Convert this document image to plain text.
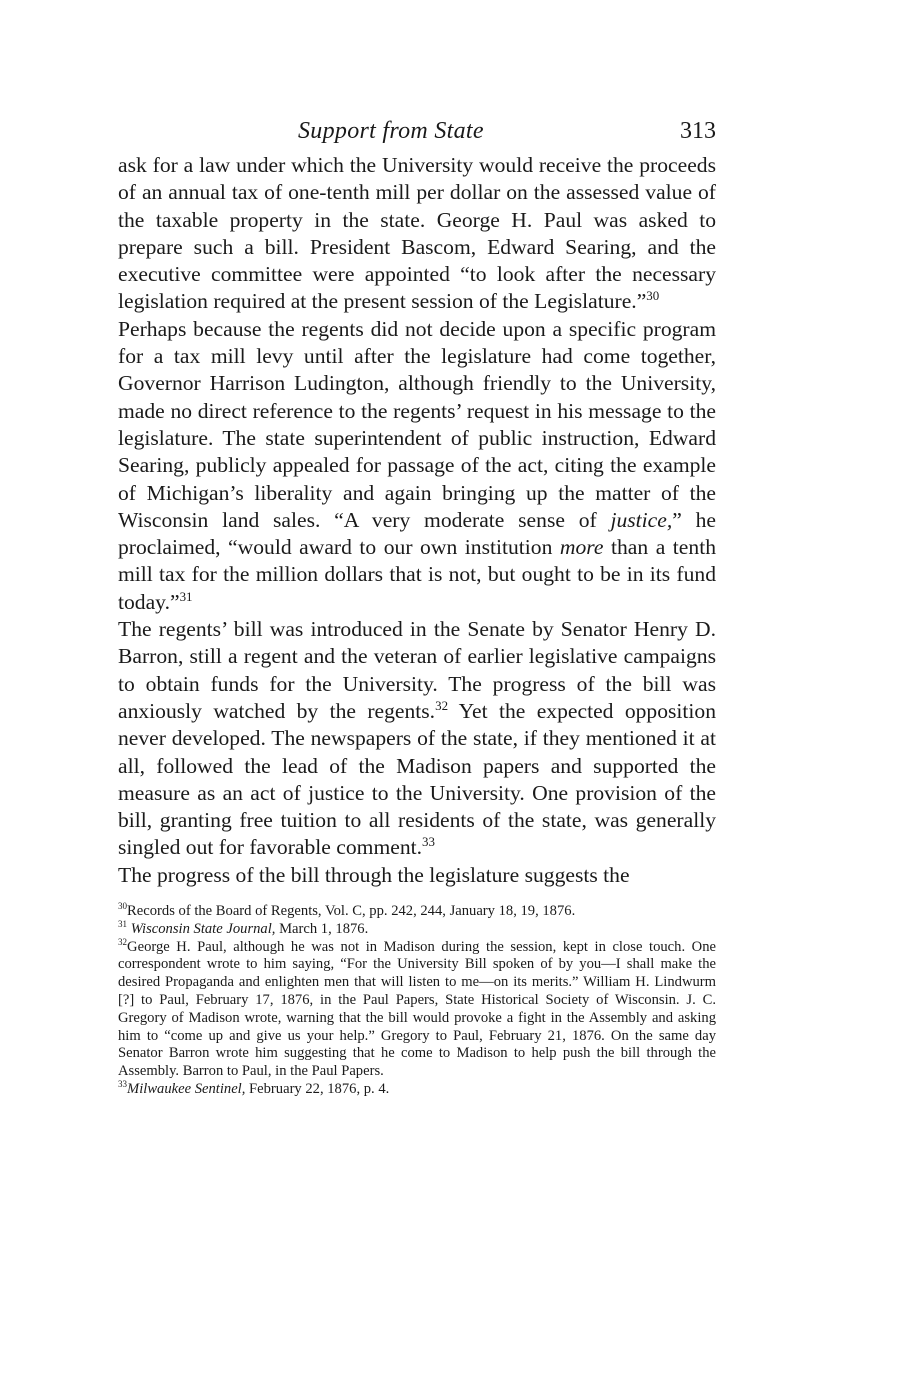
Support from State	313

ask for a law under which the University would receive the proceeds of an annual tax of one-tenth mill per dollar on the assessed value of the taxable property in the state. George H. Paul was asked to prepare such a bill. President Bascom, Edward Searing, and the executive committee were appointed “to look after the necessary legislation required at the present session of the Legislature.”$^{30}$

Perhaps because the regents did not decide upon a specific program for a tax mill levy until after the legislature had come together, Governor Harrison Ludington, although friendly to the University, made no direct reference to the regents’ request in his message to the legislature. The state superintendent of public instruction, Edward Searing, publicly appealed for passage of the act, citing the example of Michigan’s liberality and again bringing up the matter of the Wisconsin land sales. “A very moderate sense of justice,” he proclaimed, “would award to our own institution more than a tenth mill tax for the million dollars that is not, but ought to be in its fund today.”$^{31}$

The regents’ bill was introduced in the Senate by Senator Henry D. Barron, still a regent and the veteran of earlier legislative campaigns to obtain funds for the University. The progress of the bill was anxiously watched by the regents.$^{32}$ Yet the expected opposition never developed. The newspapers of the state, if they mentioned it at all, followed the lead of the Madison papers and supported the measure as an act of justice to the University. One provision of the bill, granting free tuition to all residents of the state, was generally singled out for favorable comment.$^{33}$

The progress of the bill through the legislature suggests the

$^{30}$Records of the Board of Regents, Vol. C, pp. 242, 244, January 18, 19, 1876.

$^{31}$ Wisconsin State Journal, March 1, 1876.

$^{32}$George H. Paul, although he was not in Madison during the session, kept in close touch. One correspondent wrote to him saying, “For the University Bill spoken of by you—I shall make the desired Propaganda and enlighten men that will listen to me—on its merits.” William H. Lindwurm [?] to Paul, February 17, 1876, in the Paul Papers, State Historical Society of Wisconsin. J. C. Gregory of Madison wrote, warning that the bill would provoke a fight in the Assembly and asking him to “come up and give us your help.” Gregory to Paul, February 21, 1876. On the same day Senator Barron wrote him suggesting that he come to Madison to help push the bill through the Assembly. Barron to Paul, in the Paul Papers.

$^{33}$Milwaukee Sentinel, February 22, 1876, p. 4.
